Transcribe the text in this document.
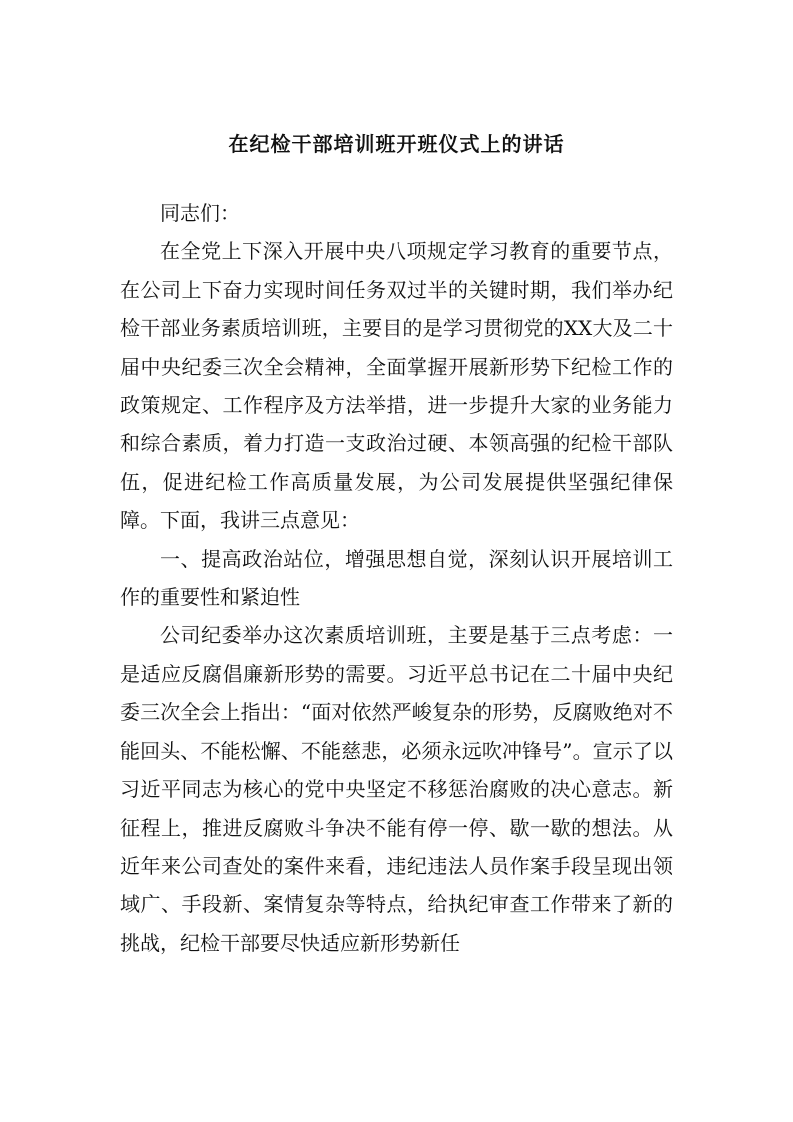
在纪检干部培训班开班仪式上的讲话

同志们：

在全党上下深入开展中央八项规定学习教育的重要节点，在公司上下奋力实现时间任务双过半的关键时期，我们举办纪检干部业务素质培训班，主要目的是学习贯彻党的XX大及二十届中央纪委三次全会精神，全面掌握开展新形势下纪检工作的政策规定、工作程序及方法举措，进一步提升大家的业务能力和综合素质，着力打造一支政治过硬、本领高强的纪检干部队伍，促进纪检工作高质量发展，为公司发展提供坚强纪律保障。下面，我讲三点意见：

一、提高政治站位，增强思想自觉，深刻认识开展培训工作的重要性和紧迫性

公司纪委举办这次素质培训班，主要是基于三点考虑：一是适应反腐倡廉新形势的需要。习近平总书记在二十届中央纪委三次全会上指出：“面对依然严峻复杂的形势，反腐败绝对不能回头、不能松懈、不能慈悲，必须永远吹冲锋号”。宣示了以习近平同志为核心的党中央坚定不移惩治腐败的决心意志。新征程上，推进反腐败斗争决不能有停一停、歇一歇的想法。从近年来公司查处的案件来看，违纪违法人员作案手段呈现出领域广、手段新、案情复杂等特点，给执纪审查工作带来了新的挑战，纪检干部要尽快适应新形势新任
